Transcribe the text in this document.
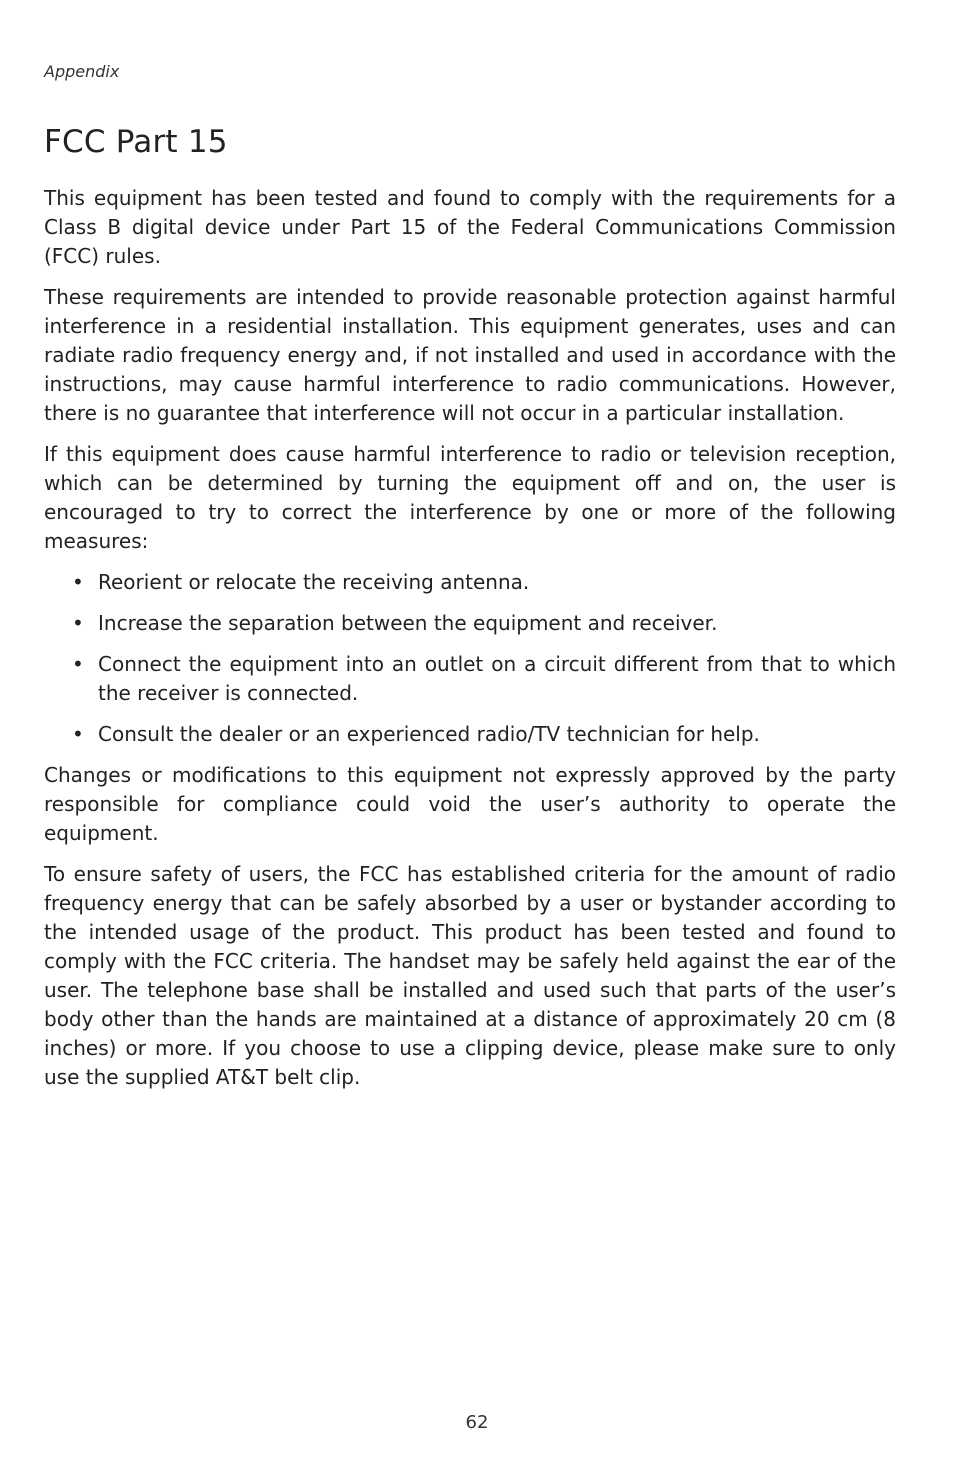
Appendix
FCC Part 15

This equipment has been tested and found to comply with the requirements for a Class B digital device under Part 15 of the Federal Communications Commission (FCC) rules.

These requirements are intended to provide reasonable protection against harmful interference in a residential installation. This equipment generates, uses and can radiate radio frequency energy and, if not installed and used in accordance with the instructions, may cause harmful interference to radio communications. However, there is no guarantee that interference will not occur in a particular installation.

If this equipment does cause harmful interference to radio or television reception, which can be determined by turning the equipment off and on, the user is encouraged to try to correct the interference by one or more of the following measures:

• Reorient or relocate the receiving antenna.
• Increase the separation between the equipment and receiver.
• Connect the equipment into an outlet on a circuit different from that to which the receiver is connected.
• Consult the dealer or an experienced radio/TV technician for help.

Changes or modifications to this equipment not expressly approved by the party responsible for compliance could void the user’s authority to operate the equipment.

To ensure safety of users, the FCC has established criteria for the amount of radio frequency energy that can be safely absorbed by a user or bystander according to the intended usage of the product. This product has been tested and found to comply with the FCC criteria. The handset may be safely held against the ear of the user. The telephone base shall be installed and used such that parts of the user’s body other than the hands are maintained at a distance of approximately 20 cm (8 inches) or more. If you choose to use a clipping device, please make sure to only use the supplied AT&T belt clip.

62
